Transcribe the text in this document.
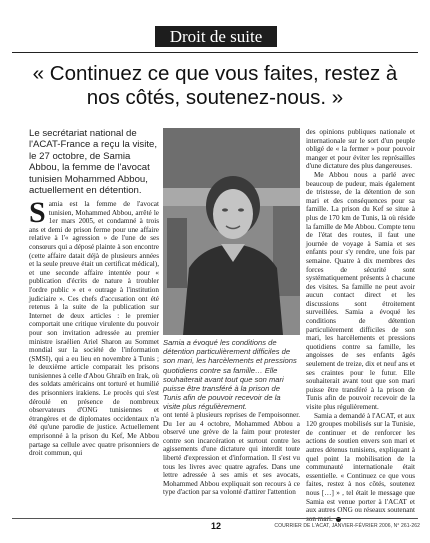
Droit de suite
« Continuez ce que vous faites, restez à nos côtés, soutenez-nous. »
Le secrétariat national de l'ACAT-France a reçu la visite, le 27 octobre, de Samia Abbou, la femme de l'avocat tunisien Mohammed Abbou, actuellement en détention.
Samia a évoqué les conditions de détention particulièrement difficiles de son mari, les harcèlements et pressions quotidiens contre sa famille… Elle souhaiterait avant tout que son mari puisse être transféré à la prison de Tunis afin de pouvoir recevoir de la visite plus régulièrement.

Samia est la femme de l'avocat tunisien, Mohammed Abbou, arrêté le 1er mars 2005, et condamné à trois ans et demi de prison ferme pour une affaire relative à l'« agression » de l'une de ses consœurs qui a déposé plainte à son encontre (cette affaire datait déjà de plusieurs années et la seule preuve était un certificat médical), et une seconde affaire intentée pour « publication d'écrits de nature à troubler l'ordre public » et « outrage à l'institution judiciaire ». Ces chefs d'accusation ont été retenus à la suite de la publication sur Internet de deux articles : le premier comportait une critique virulente du pouvoir pour son invitation adressée au premier ministre israélien Ariel Sharon au Sommet mondial sur la société de l'information (SMSI), qui a eu lieu en novembre à Tunis ; le deuxième article comparait les prisons tunisiennes à celle d'Abou Ghraïb en Irak, où des soldats américains ont torturé et humilié des prisonniers irakiens. Le procès qui s'est déroulé en présence de nombreux observateurs d'ONG tunisiennes et étrangères et de diplomates occidentaux n'a été qu'une parodie de justice. Actuellement emprisonné à la prison du Kef, Me Abbou partage sa cellule avec quatre prisonniers de droit commun, qui

ont tenté à plusieurs reprises de l'empoisonner. Du 1er au 4 octobre, Mohammed Abbou a observé une grève de la faim pour protester contre son incarcération et surtout contre les agissements d'une dictature qui interdit toute liberté d'expression et d'information. Il s'est vu tous les livres avec quatre agrafes. Dans une lettre adressée à ses amis et ses avocats, Mohammed Abbou expliquait son recours à ce type d'action par sa volonté d'attirer l'attention

des opinions publiques nationale et internationale sur le sort d'un peuple obligé de « la fermer » pour pouvoir manger et pour éviter les représailles d'une dictature des plus dangereuses.

Me Abbou nous a parlé avec beaucoup de pudeur, mais également de tristesse, de la détention de son mari et des conséquences pour sa famille. La prison du Kef se situe à plus de 170 km de Tunis, là où réside la famille de Me Abbou. Compte tenu de l'état des routes, il faut une journée de voyage à Samia et ses enfants pour s'y rendre, une fois par semaine. Quatre à dix membres des forces de sécurité sont systématiquement présents à chacune des visites. Sa famille ne peut avoir aucun contact direct et les discussions sont étroitement surveillées. Samia a évoqué les conditions de détention particulièrement difficiles de son mari, les harcèlements et pressions quotidiens contre sa famille, les angoisses de ses enfants âgés seulement de treize, dix et neuf ans et ses craintes pour le futur. Elle souhaiterait avant tout que son mari puisse être transféré à la prison de Tunis afin de pouvoir recevoir de la visite plus régulièrement.

Samia a demandé à l'ACAT, et aux 120 groupes mobilisés sur la Tunisie, de continuer et de renforcer les actions de soutien envers son mari et autres détenus tunisiens, expliquant à quel point la mobilisation de la communauté internationale était essentielle. « Continuez ce que vous faites, restez à nos côtés, soutenez nous […] » , tel était le message que Samia est venue porter à l'ACAT et aux autres ONG ou réseaux soutenant

12	COURRIER DE L'ACAT, JANVIER-FÉVRIER 2006, N° 261-262
